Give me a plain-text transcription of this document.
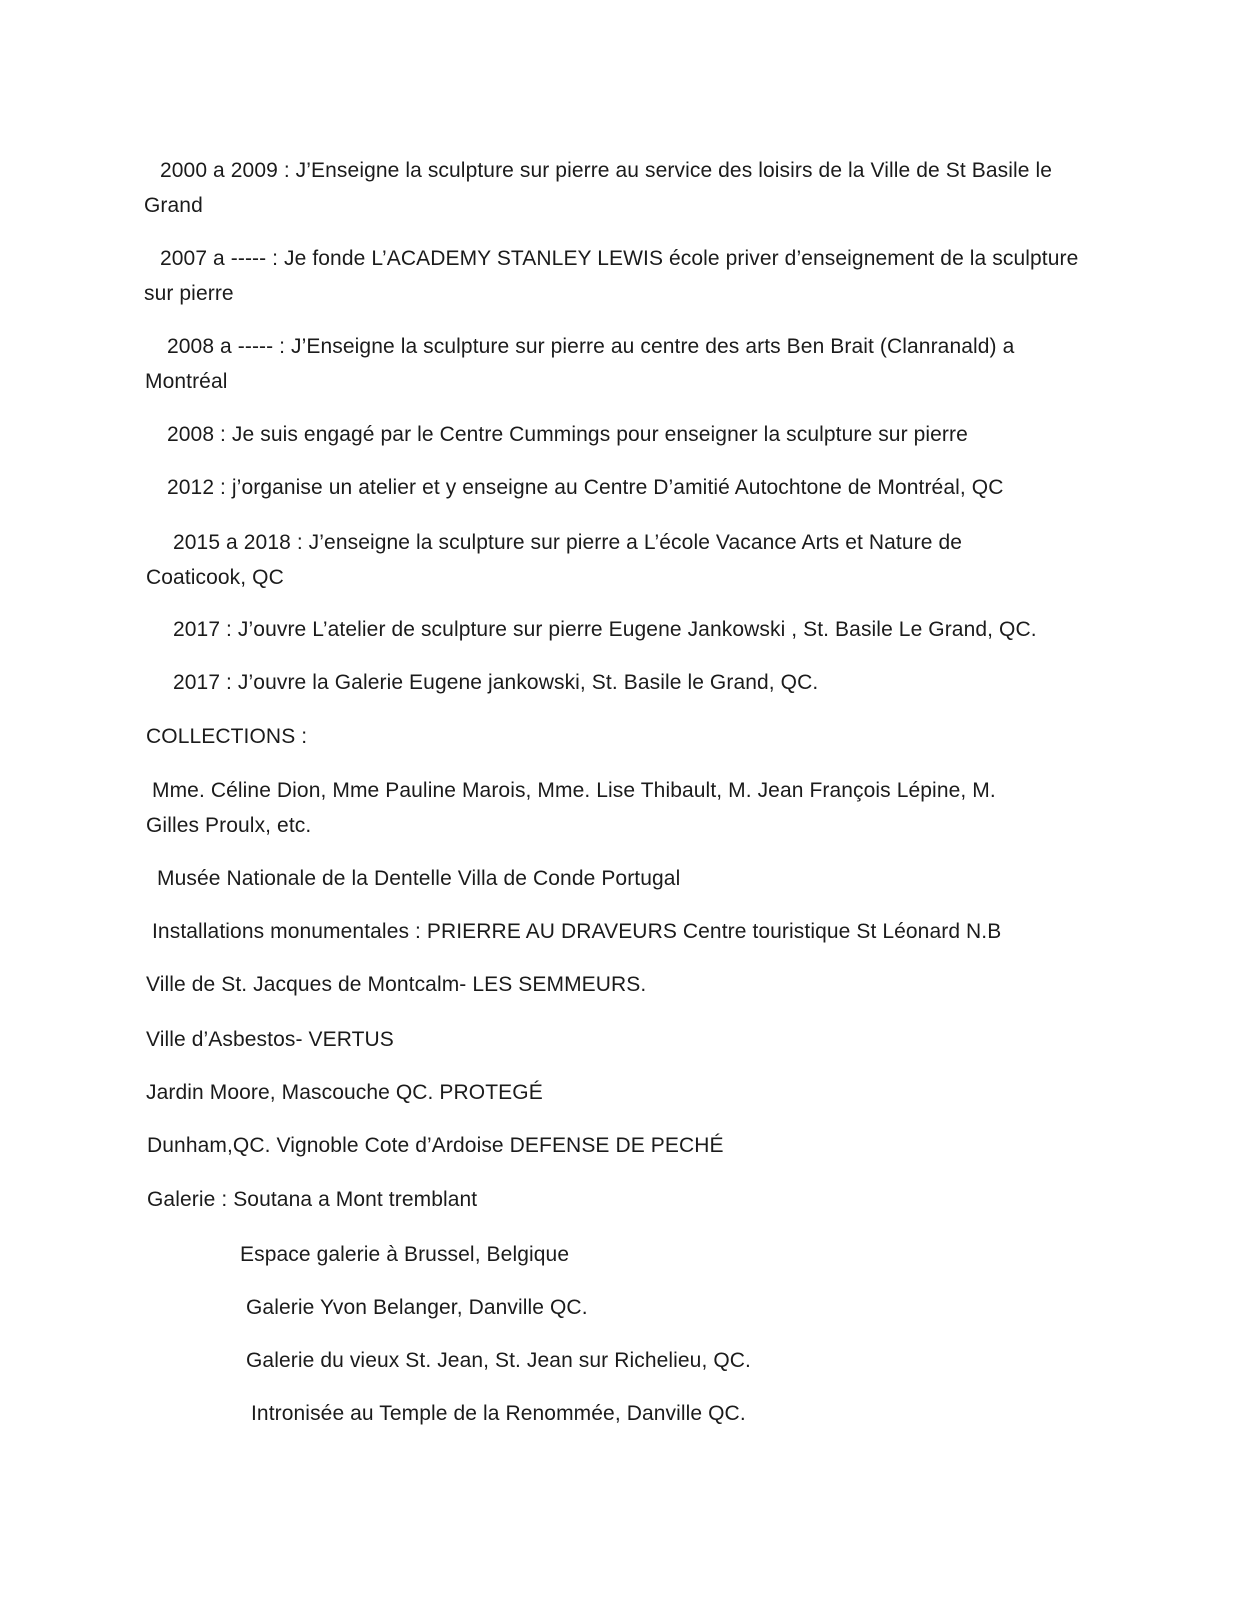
2000 a 2009 : J’Enseigne la sculpture sur pierre au service des loisirs de la Ville de St Basile le
Grand
2007 a ----- : Je fonde L’ACADEMY STANLEY LEWIS école priver d’enseignement de la sculpture
sur pierre
2008 a ----- : J’Enseigne la sculpture sur pierre au centre des arts Ben Brait (Clanranald) a
Montréal
2008 : Je suis engagé par le Centre Cummings pour enseigner la sculpture sur pierre
2012 : j’organise un atelier et y enseigne au Centre D’amitié Autochtone de Montréal, QC
2015 a 2018 : J’enseigne la sculpture sur pierre a L’école Vacance Arts et Nature de
Coaticook, QC
2017 : J’ouvre L’atelier de sculpture sur pierre Eugene Jankowski , St. Basile Le Grand, QC.
2017 : J’ouvre la Galerie Eugene jankowski, St. Basile le Grand, QC.
COLLECTIONS :
Mme. Céline Dion, Mme Pauline Marois, Mme. Lise Thibault, M. Jean François Lépine, M.
Gilles Proulx, etc.
Musée Nationale de la Dentelle Villa de Conde Portugal
Installations monumentales : PRIERRE AU DRAVEURS Centre touristique St Léonard N.B
Ville de St. Jacques de Montcalm- LES SEMMEURS.
Ville d’Asbestos- VERTUS
Jardin Moore, Mascouche QC. PROTEGÉ
Dunham,QC. Vignoble Cote d’Ardoise DEFENSE DE PECHÉ
Galerie : Soutana a Mont tremblant
Espace galerie à Brussel, Belgique
Galerie Yvon Belanger, Danville QC.
Galerie du vieux St. Jean, St. Jean sur Richelieu, QC.
Intronisée au Temple de la Renommée, Danville QC.
